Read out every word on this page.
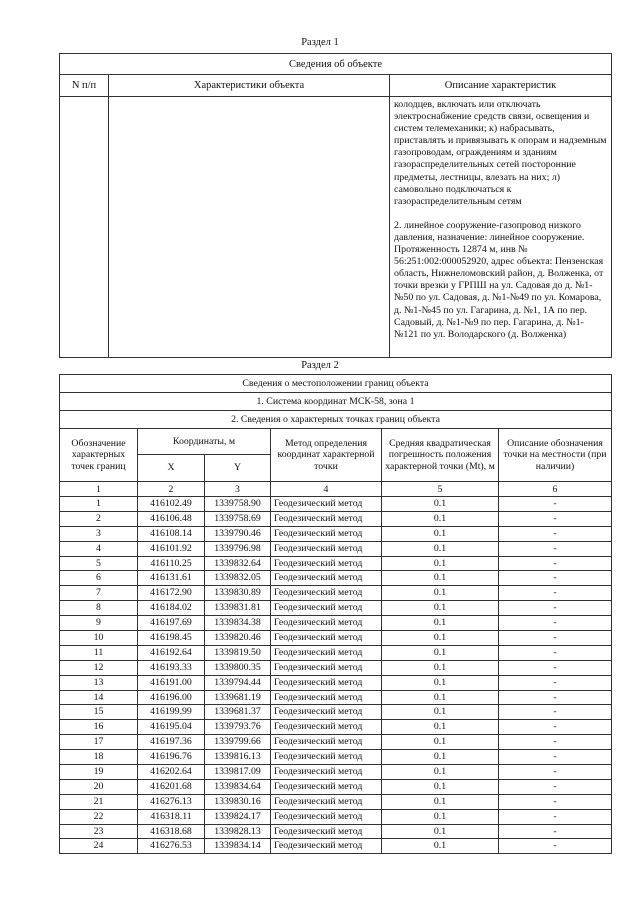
Раздел 1
Сведения об объекте		
N п/п	Характеристики объекта	Описание характеристик

		колодцев, включать или отключать электроснабжение средств связи, освещения и систем телемеханики; к) набрасывать, приставлять и привязывать к опорам и надземным газопроводам, ограждениям и зданиям газораспределительных сетей посторонние предметы, лестницы, влезать на них; л) самовольно подключаться к газораспределительным сетям

2. линейное сооружение-газопровод низкого давления, назначение: линейное сооружение. Протяженность 12874 м, инв № 56:251:002:000052920, адрес объекта: Пензенская область, Нижнеломовский район, д. Волженка, от точки врезки у ГРПШ на ул. Садовая до д. №1-№50 по ул. Садовая, д. №1-№49 по ул. Комарова, д. №1-№45 по ул. Гагарина, д. №1, 1А по пер. Садовый, д. №1-№9 по пер. Гагарина, д. №1-№121 по ул. Володарского (д. Волженка)

Раздел 2
Сведения о местоположении границ объекта					
1. Система координат МСК-58, зона 1					
2. Сведения о характерных точках границ объекта					
Обозначение характерных точек границ	Координаты, м		Метод определения координат характерной точки	Средняя квадратическая погрешность положения характерной точки (Mt), м	Описание обозначения точки на местности (при наличии)
	X	Y			
1	2	3	4	5	6
1	416102.49	1339758.90	Геодезический метод	0.1	-
2	416106.48	1339758.69	Геодезический метод	0.1	-
3	416108.14	1339790.46	Геодезический метод	0.1	-
4	416101.92	1339796.98	Геодезический метод	0.1	-
5	416110.25	1339832.64	Геодезический метод	0.1	-
6	416131.61	1339832.05	Геодезический метод	0.1	-
7	416172.90	1339830.89	Геодезический метод	0.1	-
8	416184.02	1339831.81	Геодезический метод	0.1	-
9	416197.69	1339834.38	Геодезический метод	0.1	-
10	416198.45	1339820.46	Геодезический метод	0.1	-
11	416192.64	1339819.50	Геодезический метод	0.1	-
12	416193.33	1339800.35	Геодезический метод	0.1	-
13	416191.00	1339794.44	Геодезический метод	0.1	-
14	416196.00	1339681.19	Геодезический метод	0.1	-
15	416199.99	1339681.37	Геодезический метод	0.1	-
16	416195.04	1339793.76	Геодезический метод	0.1	-
17	416197.36	1339799.66	Геодезический метод	0.1	-
18	416196.76	1339816.13	Геодезический метод	0.1	-
19	416202.64	1339817.09	Геодезический метод	0.1	-
20	416201.68	1339834.64	Геодезический метод	0.1	-
21	416276.13	1339830.16	Геодезический метод	0.1	-
22	416318.11	1339824.17	Геодезический метод	0.1	-
23	416318.68	1339828.13	Геодезический метод	0.1	-
24	416276.53	1339834.14	Геодезический метод	0.1	-
